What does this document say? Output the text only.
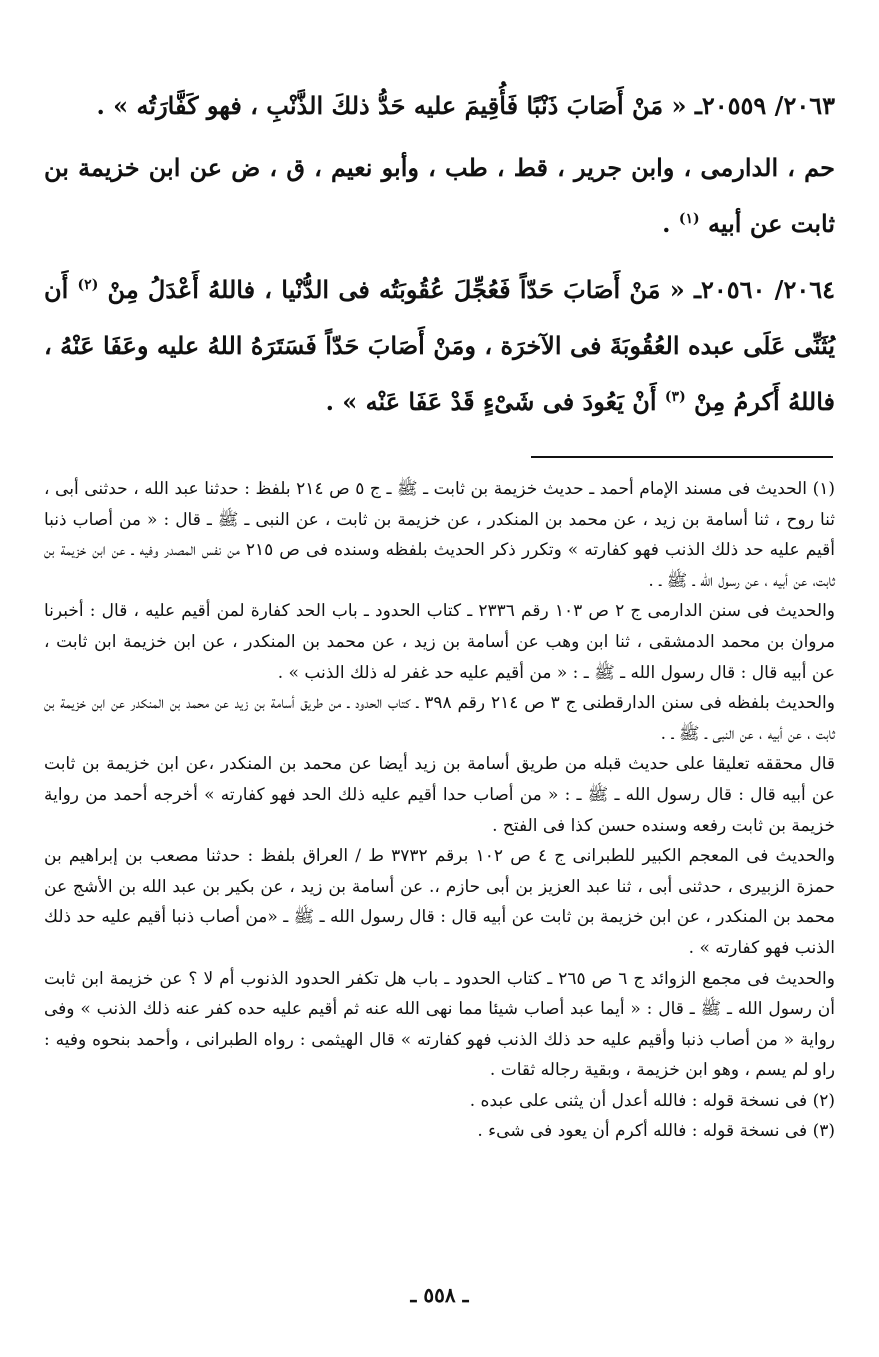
٢٠٦٣/ ٢٠٥٥٩ـ « مَنْ أَصَابَ ذَنْبًا فَأُقِيمَ عليه حَدُّ ذلكَ الذَّنْبِ ، فهو كَفَّارَتُه » .

حم ، الدارمى ، وابن جرير ، قط ، طب ، وأبو نعيم ، ق ، ض عن ابن خزيمة بن ثابت عن أبيه $^{(١)}$ .

٢٠٦٤/ ٢٠٥٦٠ـ « مَنْ أَصَابَ حَدّاً فَعُجِّلَ عُقُوبَتُه فى الدُّنْيا ، فاللهُ أَعْدَلُ مِنْ $^{(٢)}$ أَن يُثَنِّى عَلَى عبده العُقُوبَةَ فى الآخرَة ، ومَنْ أَصَابَ حَدّاً فَسَتَرَهُ اللهُ عليه وعَفَا عَنْهُ ، فاللهُ أَكرمُ مِنْ $^{(٣)}$ أَنْ يَعُودَ فى شَىْءٍ قَدْ عَفَا عَنْه » .

(١) الحديث فى مسند الإمام أحمد ـ حديث خزيمة بن ثابت ـ ﷺ ـ ج ٥ ص ٢١٤ بلفظ : حدثنا عبد الله ، حدثنى أبى ، ثنا روح ، ثنا أسامة بن زيد ، عن محمد بن المنكدر ، عن خزيمة بن ثابت ، عن النبى ـ ﷺ ـ قال : « من أصاب ذنبا أقيم عليه حد ذلك الذنب فهو كفارته » وتكرر ذكر الحديث بلفظه وسنده فى ص ٢١٥ من نفس المصدر وفيه ـ عن ابن خزيمة بن ثابت، عن أبيه ، عن رسول الله ـ ﷺ ـ .

والحديث فى سنن الدارمى ج ٢ ص ١٠٣ رقم ٢٣٣٦ ـ كتاب الحدود ـ باب الحد كفارة لمن أقيم عليه ، قال : أخبرنا مروان بن محمد الدمشقى ، ثنا ابن وهب عن أسامة بن زيد ، عن محمد بن المنكدر ، عن ابن خزيمة ابن ثابت ، عن أبيه قال : قال رسول الله ـ ﷺ ـ : « من أقيم عليه حد غفر له ذلك الذنب » .

والحديث بلفظه فى سنن الدارقطنى ج ٣ ص ٢١٤ رقم ٣٩٨ ـ كتاب الحدود ـ من طريق أسامة بن زيد عن محمد بن المنكدر عن ابن خزيمة بن ثابت ، عن أبيه ، عن النبى ـ ﷺ ـ .

قال محققه تعليقا على حديث قبله من طريق أسامة بن زيد أيضا عن محمد بن المنكدر ،عن ابن خزيمة بن ثابت عن أبيه قال : قال رسول الله ـ ﷺ ـ : « من أصاب حدا أقيم عليه ذلك الحد فهو كفارته » أخرجه أحمد من رواية خزيمة بن ثابت رفعه وسنده حسن كذا فى الفتح .

والحديث فى المعجم الكبير للطبرانى ج ٤ ص ١٠٢ برقم ٣٧٣٢ ط / العراق بلفظ : حدثنا مصعب بن إبراهيم بن حمزة الزبيرى ، حدثنى أبى ، ثنا عبد العزيز بن أبى حازم ،. عن أسامة بن زيد ، عن بكير بن عبد الله بن الأشج عن محمد بن المنكدر ، عن ابن خزيمة بن ثابت عن أبيه قال : قال رسول الله ـ ﷺ ـ «من أصاب ذنبا أقيم عليه حد ذلك الذنب فهو كفارته » .

والحديث فى مجمع الزوائد ج ٦ ص ٢٦٥ ـ كتاب الحدود ـ باب هل تكفر الحدود الذنوب أم لا ؟ عن خزيمة ابن ثابت أن رسول الله ـ ﷺ ـ قال : « أيما عبد أصاب شيئا مما نهى الله عنه ثم أقيم عليه حده كفر عنه ذلك الذنب » وفى رواية « من أصاب ذنبا وأقيم عليه حد ذلك الذنب فهو كفارته » قال الهيثمى : رواه الطبرانى ، وأحمد بنحوه وفيه : راو لم يسم ، وهو ابن خزيمة ، وبقية رجاله ثقات .

(٢) فى نسخة قوله : فالله أعدل أن يثنى على عبده .

(٣) فى نسخة قوله : فالله أكرم أن يعود فى شىء .

ـ ٥٥٨ ـ
